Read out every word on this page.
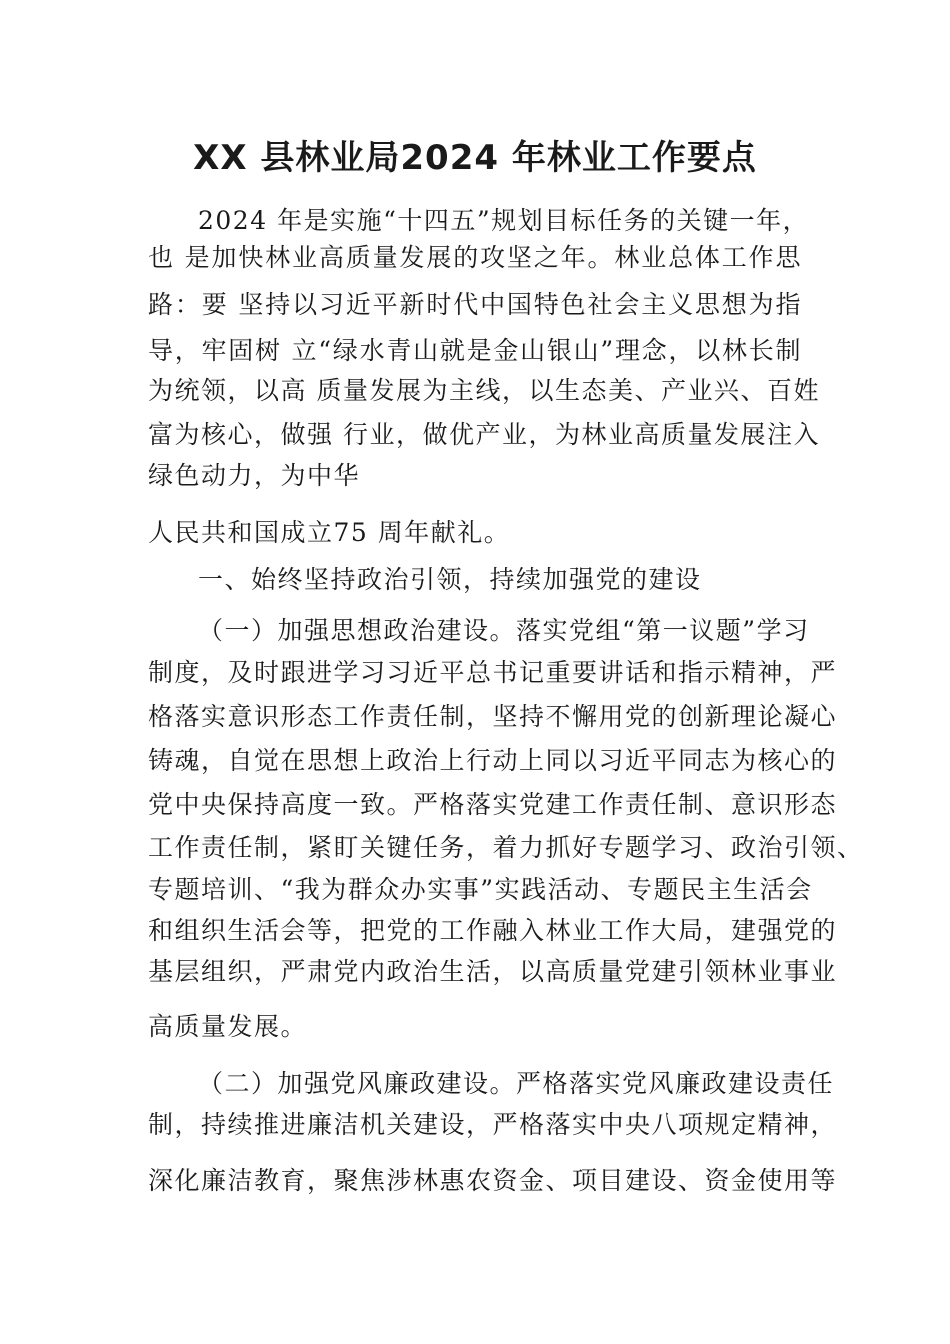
XX 县林业局2024 年林业工作要点
2024 年是实施“十四五”规划目标任务的关键一年，
也 是加快林业高质量发展的攻坚之年。林业总体工作思
路：要 坚持以习近平新时代中国特色社会主义思想为指
导，牢固树 立“绿水青山就是金山银山”理念，以林长制
为统领，以高 质量发展为主线，以生态美、产业兴、百姓
富为核心，做强 行业，做优产业，为林业高质量发展注入
绿色动力，为中华
人民共和国成立75 周年献礼。
一、始终坚持政治引领，持续加强党的建设
（一）加强思想政治建设。落实党组“第一议题”学习
制度，及时跟进学习习近平总书记重要讲话和指示精神，严
格落实意识形态工作责任制，坚持不懈用党的创新理论凝心
铸魂，自觉在思想上政治上行动上同以习近平同志为核心的
党中央保持高度一致。严格落实党建工作责任制、意识形态
工作责任制，紧盯关键任务，着力抓好专题学习、政治引领、
专题培训、“我为群众办实事”实践活动、专题民主生活会
和组织生活会等，把党的工作融入林业工作大局，建强党的
基层组织，严肃党内政治生活，以高质量党建引领林业事业
高质量发展。
（二）加强党风廉政建设。严格落实党风廉政建设责任
制，持续推进廉洁机关建设，严格落实中央八项规定精神，
深化廉洁教育，聚焦涉林惠农资金、项目建设、资金使用等
